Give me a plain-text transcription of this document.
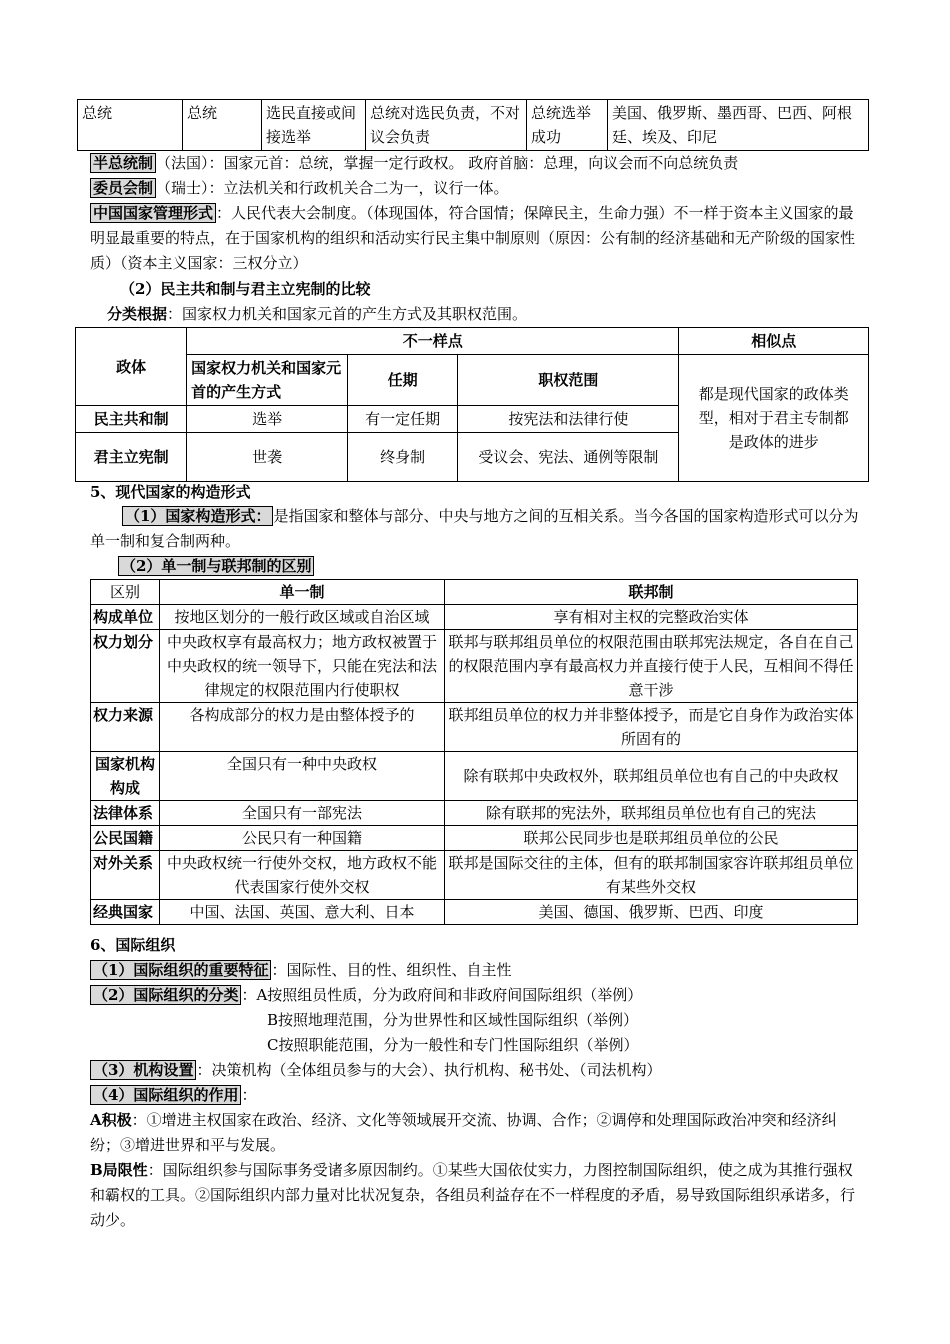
总统	总统	选民直接或间接选举	总统对选民负责，不对议会负责	总统选举成功	美国、俄罗斯、墨西哥、巴西、阿根廷、埃及、印尼
半总统制 （法国）：国家元首：总统，掌握一定行政权。 政府首脑：总理，向议会而不向总统负责
委员会制 （瑞士）：立法机关和行政机关合二为一，议行一体。
中国国家管理形式 ：人民代表大会制度。（体现国体，符合国情；保障民主，生命力强）不一样于资本主义国家的最明显最重要的特点，在于国家机构的组织和活动实行民主集中制原则（原因：公有制的经济基础和无产阶级的国家性质）（资本主义国家：三权分立）
（2）民主共和制与君主立宪制的比较
分类根据：国家权力机关和国家元首的产生方式及其职权范围。
政体	不一样点			相似点
	国家权力机关和国家元首的产生方式	任期	职权范围	都是现代国家的政体类型，相对于君主专制都是政体的进步
民主共和制	选举	有一定任期	按宪法和法律行使	
君主立宪制	世袭	终身制	受议会、宪法、通例等限制	
5、现代国家的构造形式
（1）国家构造形式： 是指国家和整体与部分、中央与地方之间的互相关系。当今各国的国家构造形式可以分为单一制和复合制两种。
（2）单一制与联邦制的区别
区别	单一制	联邦制
构成单位	按地区划分的一般行政区域或自治区域	享有相对主权的完整政治实体
权力划分	中央政权享有最高权力；地方政权被置于中央政权的统一领导下，只能在宪法和法律规定的权限范围内行使职权	联邦与联邦组员单位的权限范围由联邦宪法规定，各自在自己的权限范围内享有最高权力并直接行使于人民，互相间不得任意干涉
权力来源	各构成部分的权力是由整体授予的	联邦组员单位的权力并非整体授予，而是它自身作为政治实体所固有的
国家机构构成	全国只有一种中央政权	除有联邦中央政权外，联邦组员单位也有自己的中央政权
法律体系	全国只有一部宪法	除有联邦的宪法外，联邦组员单位也有自己的宪法
公民国籍	公民只有一种国籍	联邦公民同步也是联邦组员单位的公民
对外关系	中央政权统一行使外交权，地方政权不能代表国家行使外交权	联邦是国际交往的主体，但有的联邦制国家容许联邦组员单位有某些外交权
经典国家	中国、法国、英国、意大利、日本	美国、德国、俄罗斯、巴西、印度
6、国际组织
（1）国际组织的重要特征 ：国际性、目的性、组织性、自主性
（2）国际组织的分类 ：A按照组员性质，分为政府间和非政府间国际组织（举例）
B按照地理范围，分为世界性和区域性国际组织（举例）
C按照职能范围，分为一般性和专门性国际组织（举例）
（3）机构设置 ：决策机构（全体组员参与的大会）、执行机构、秘书处、（司法机构）
（4）国际组织的作用 ：
A积极：①增进主权国家在政治、经济、文化等领域展开交流、协调、合作；②调停和处理国际政治冲突和经济纠纷；③增进世界和平与发展。
B局限性：国际组织参与国际事务受诸多原因制约。①某些大国依仗实力，力图控制国际组织，使之成为其推行强权和霸权的工具。②国际组织内部力量对比状况复杂，各组员利益存在不一样程度的矛盾，易导致国际组织承诺多，行动少。
